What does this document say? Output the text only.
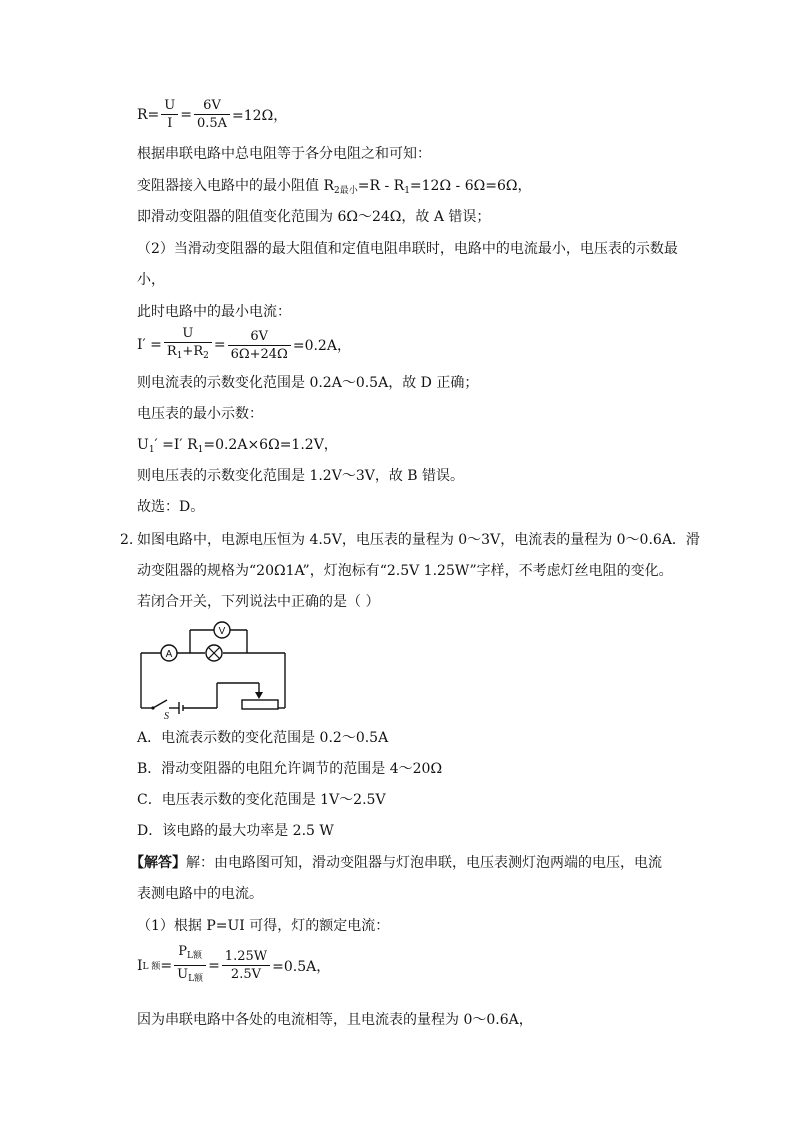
$R= \frac{U}{I} = \frac{6V}{0.5A} =12\Omega$，
根据串联电路中总电阻等于各分电阻之和可知：
变阻器接入电路中的最小阻值 $R_{2最小}=R - R_1=12\Omega - 6\Omega=6\Omega$，
即滑动变阻器的阻值变化范围为 6Ω～24Ω，故 A 错误；
（2）当滑动变阻器的最大阻值和定值电阻串联时，电路中的电流最小，电压表的示数最
小，
此时电路中的最小电流：
$I' = \frac{U}{R_1+R_2} = \frac{6V}{6\Omega+24\Omega} =0.2A$，
则电流表的示数变化范围是 0.2A～0.5A，故 D 正确；
电压表的最小示数：
$U_1' =I'$ $R_1=0.2A\times 6\Omega=1.2V$，
则电压表的示数变化范围是 1.2V～3V，故 B 错误。
故选：D。
2. 如图电路中，电源电压恒为 4.5V，电压表的量程为 0～3V，电流表的量程为 0～0.6A．滑
动变阻器的规格为“20Ω1A”，灯泡标有“2.5V 1.25W”字样，不考虑灯丝电阻的变化。
若闭合开关，下列说法中正确的是（ ）
A
V
S
A．电流表示数的变化范围是 0.2～0.5A
B．滑动变阻器的电阻允许调节的范围是 4～20Ω
C．电压表示数的变化范围是 1V～2.5V
D．该电路的最大功率是 2.5 W
【解答】解：由电路图可知，滑动变阻器与灯泡串联，电压表测灯泡两端的电压，电流
表测电路中的电流。
（1）根据 P=UI 可得，灯的额定电流：
I L 额 = $\frac{P_{L额}}{U_{L额}} = \frac{1.25W}{2.5V} =0.5A$，
因为串联电路中各处的电流相等，且电流表的量程为 0～0.6A，
